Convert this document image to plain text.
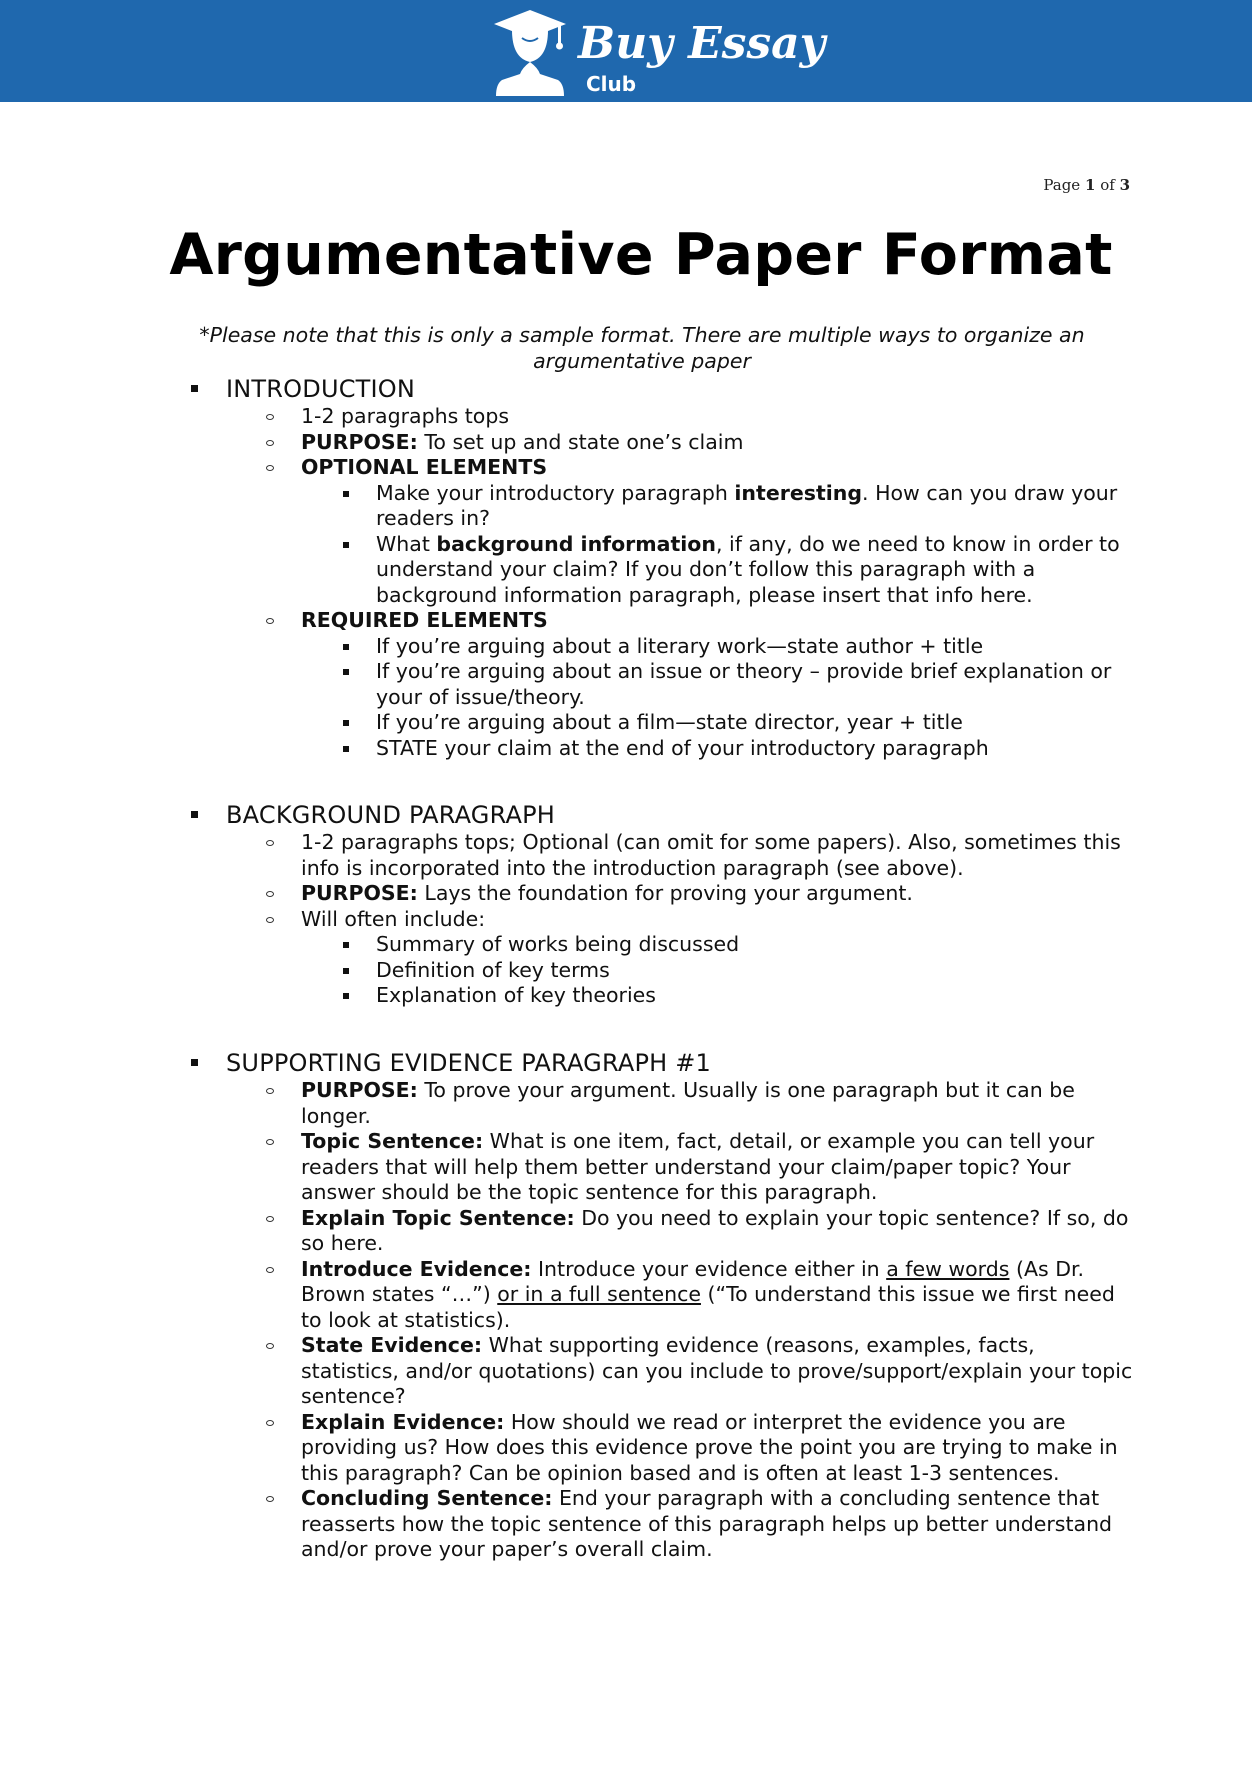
Buy Essay
Club
Page 1 of 3
Argumentative Paper Format

*Please note that this is only a sample format. There are multiple ways to organize an argumentative paper

INTRODUCTION
1-2 paragraphs tops
PURPOSE: To set up and state one’s claim
OPTIONAL ELEMENTS
Make your introductory paragraph interesting. How can you draw your readers in?
What background information, if any, do we need to know in order to understand your claim? If you don’t follow this paragraph with a background information paragraph, please insert that info here.
REQUIRED ELEMENTS
If you’re arguing about a literary work—state author + title
If you’re arguing about an issue or theory – provide brief explanation or your of issue/theory.
If you’re arguing about a film—state director, year + title
STATE your claim at the end of your introductory paragraph
BACKGROUND PARAGRAPH
1-2 paragraphs tops; Optional (can omit for some papers). Also, sometimes this info is incorporated into the introduction paragraph (see above).
PURPOSE: Lays the foundation for proving your argument.
Will often include:
Summary of works being discussed
Definition of key terms
Explanation of key theories
SUPPORTING EVIDENCE PARAGRAPH #1
PURPOSE: To prove your argument. Usually is one paragraph but it can be longer.
Topic Sentence: What is one item, fact, detail, or example you can tell your readers that will help them better understand your claim/paper topic? Your answer should be the topic sentence for this paragraph.
Explain Topic Sentence: Do you need to explain your topic sentence? If so, do so here.
Introduce Evidence: Introduce your evidence either in a few words (As Dr. Brown states “…”) or in a full sentence (“To understand this issue we first need to look at statistics).
State Evidence: What supporting evidence (reasons, examples, facts, statistics, and/or quotations) can you include to prove/support/explain your topic sentence?
Explain Evidence: How should we read or interpret the evidence you are providing us? How does this evidence prove the point you are trying to make in this paragraph? Can be opinion based and is often at least 1-3 sentences.
Concluding Sentence: End your paragraph with a concluding sentence that reasserts how the topic sentence of this paragraph helps up better understand and/or prove your paper’s overall claim.
